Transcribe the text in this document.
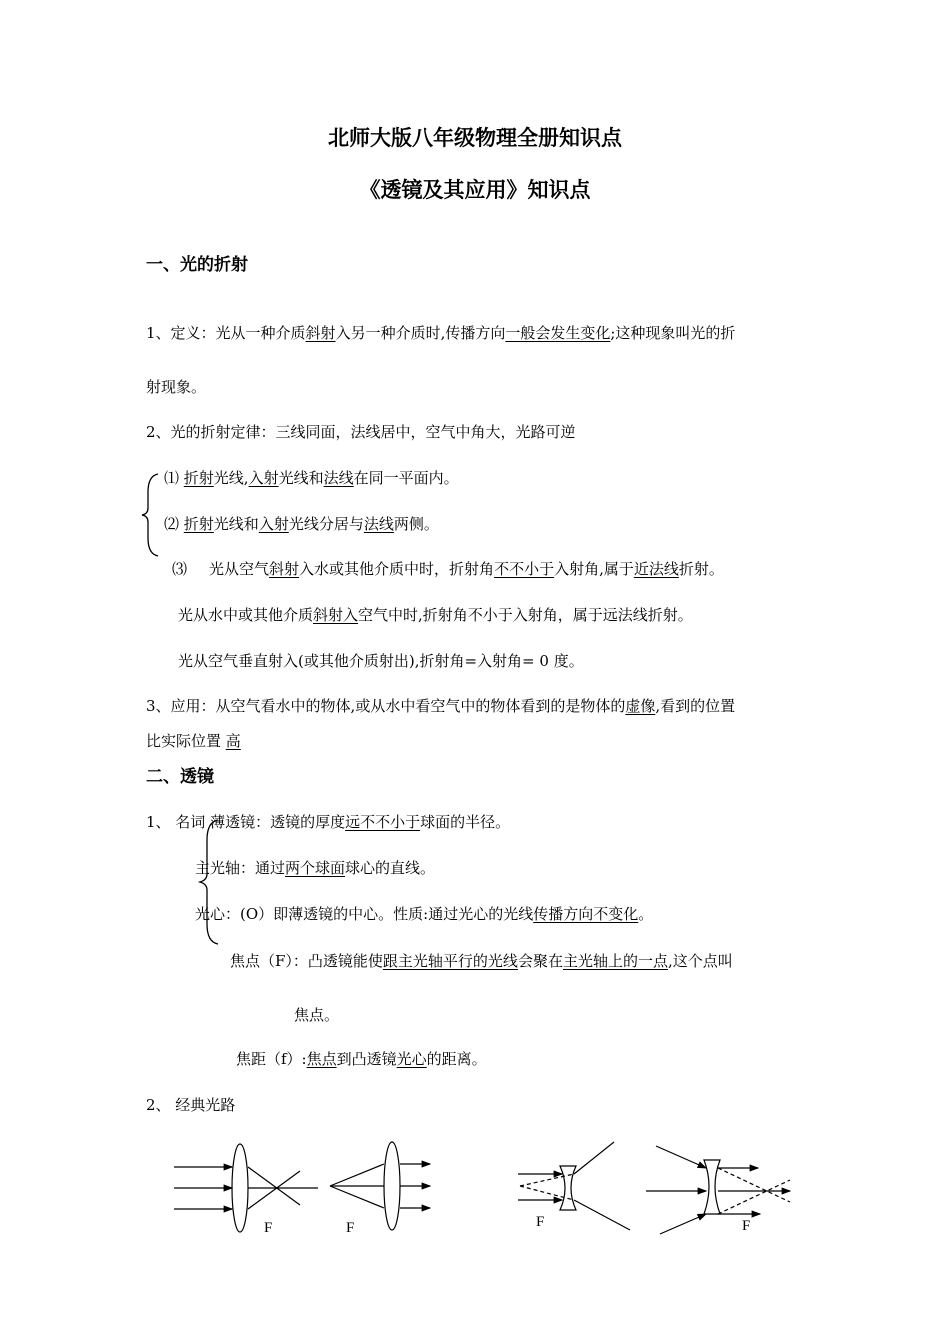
北师大版八年级物理全册知识点
《透镜及其应用》知识点
一、光的折射
1、定义：光从一种介质斜射入另一种介质时,传播方向一般会发生变化;这种现象叫光的折
射现象。
2、光的折射定律：三线同面，法线居中，空气中角大，光路可逆
⑴ 折射光线,入射光线和法线在同一平面内。
⑵ 折射光线和入射光线分居与法线两侧。
⑶ 光从空气斜射入水或其他介质中时，折射角不不小于入射角,属于近法线折射。
光从水中或其他介质斜射入空气中时,折射角不小于入射角，属于远法线折射。
光从空气垂直射入(或其他介质射出),折射角=入射角= 0 度。
3、应用：从空气看水中的物体,或从水中看空气中的物体看到的是物体的虚像,看到的位置
比实际位置 高
二、透镜
1、 名词 薄透镜：透镜的厚度远不不小于球面的半径。
主光轴：通过两个球面球心的直线。
光心：(O）即薄透镜的中心。性质:通过光心的光线传播方向不变化。
焦点（F）：凸透镜能使跟主光轴平行的光线会聚在主光轴上的一点,这个点叫
焦点。
焦距（f）:焦点到凸透镜光心的距离。
2、 经典光路
F	F	F	F
